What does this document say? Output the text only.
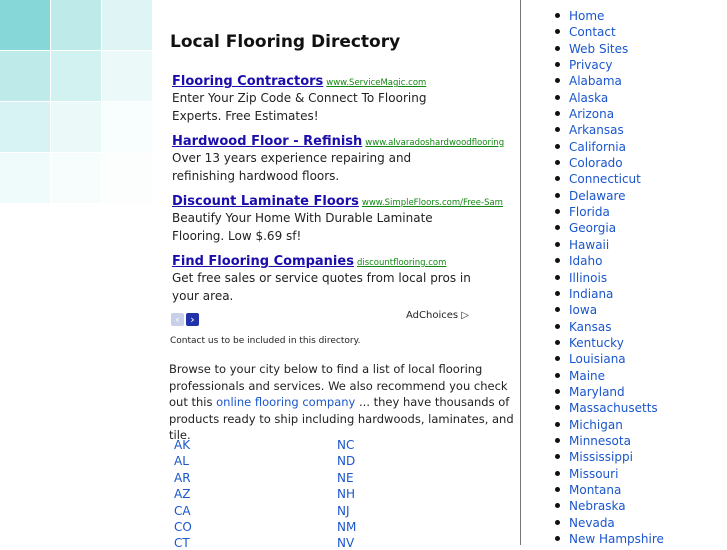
Local Flooring Directory
Flooring Contractors www.ServiceMagic.com
Enter Your Zip Code & Connect To Flooring Experts. Free Estimates!
Hardwood Floor - Refinish www.alvaradoshardwoodflooring
Over 13 years experience repairing and refinishing hardwood floors.
Discount Laminate Floors www.SimpleFloors.com/Free-Sam
Beautify Your Home With Durable Laminate Flooring. Low $.69 sf!
Find Flooring Companies discountflooring.com
Get free sales or service quotes from local pros in your area.
‹ ›	AdChoices ▷
Contact us to be included in this directory.
Browse to your city below to find a list of local flooring professionals and services. We also recommend you check out this online flooring company ... they have thousands of products ready to ship including hardwoods, laminates, and tile.
AK
AL
AR
AZ
CA
CO
CT
NC
ND
NE
NH
NJ
NM
NV
Home
Contact
Web Sites
Privacy
Alabama
Alaska
Arizona
Arkansas
California
Colorado
Connecticut
Delaware
Florida
Georgia
Hawaii
Idaho
Illinois
Indiana
Iowa
Kansas
Kentucky
Louisiana
Maine
Maryland
Massachusetts
Michigan
Minnesota
Mississippi
Missouri
Montana
Nebraska
Nevada
New Hampshire
